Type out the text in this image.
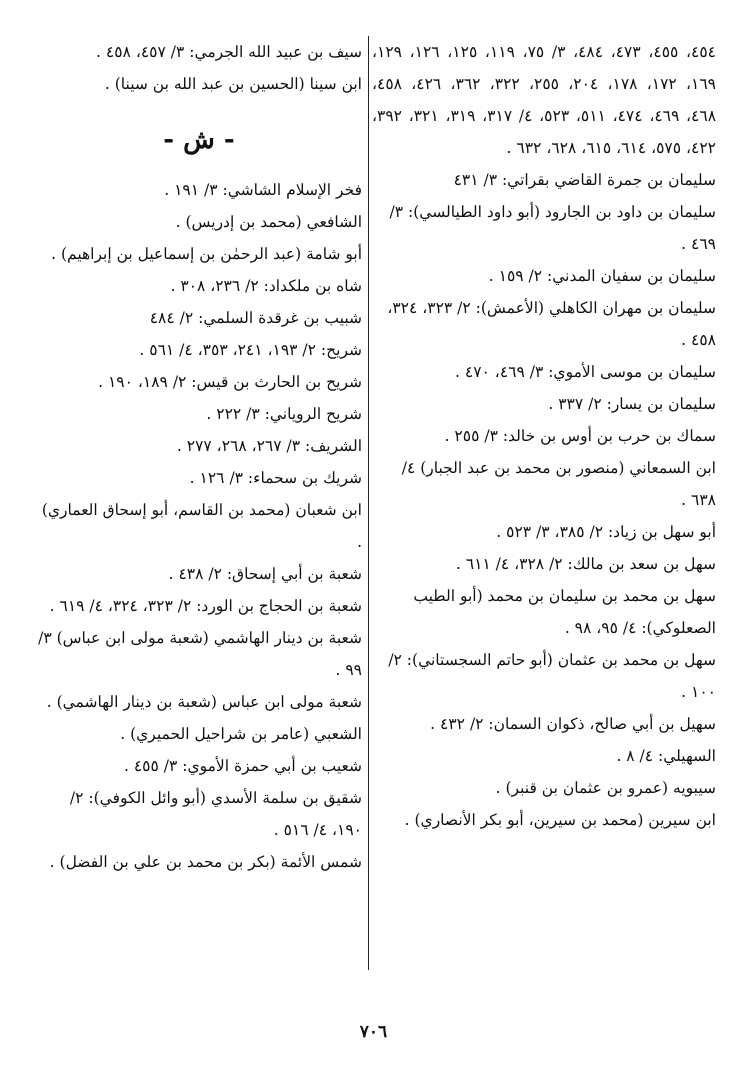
٤٥٤، ٤٥٥، ٤٧٣، ٤٨٤، ٣/ ٧٥، ١١٩، ١٢٥، ١٢٦، ١٢٩، ١٦٩، ١٧٢، ١٧٨، ٢٠٤، ٢٥٥، ٣٢٢، ٣٦٢، ٤٢٦، ٤٥٨، ٤٦٨، ٤٦٩، ٤٧٤، ٥١١، ٥٢٣، ٤/ ٣١٧، ٣١٩، ٣٢١، ٣٩٢، ٤٢٢، ٥٧٥، ٦١٤، ٦١٥، ٦٢٨، ٦٣٢ .

سليمان بن جمرة القاضي بقراتي: ٣/ ٤٣١

سليمان بن داود بن الجارود (أبو داود الطيالسي): ٣/ ٤٦٩ .

سليمان بن سفيان المدني: ٢/ ١٥٩ .

سليمان بن مهران الكاهلي (الأعمش): ٢/ ٣٢٣، ٣٢٤، ٤٥٨ .

سليمان بن موسى الأموي: ٣/ ٤٦٩، ٤٧٠ .

سليمان بن يسار: ٢/ ٣٣٧ .

سماك بن حرب بن أوس بن خالد: ٣/ ٢٥٥ .

ابن السمعاني (منصور بن محمد بن عبد الجبار) ٤/ ٦٣٨ .

أبو سهل بن زياد: ٢/ ٣٨٥، ٣/ ٥٢٣ .

سهل بن سعد بن مالك: ٢/ ٣٢٨، ٤/ ٦١١ .

سهل بن محمد بن سليمان بن محمد (أبو الطيب الصعلوكي): ٤/ ٩٥، ٩٨ .

سهل بن محمد بن عثمان (أبو حاتم السجستاني): ٢/ ١٠٠ .

سهيل بن أبي صالح، ذكوان السمان: ٢/ ٤٣٢ .

السهيلي: ٤/ ٨ .

سيبويه (عمرو بن عثمان بن قنبر) .

ابن سيرين (محمد بن سيرين، أبو بكر الأنصاري) .

سيف بن عبيد الله الجرمي: ٣/ ٤٥٧، ٤٥٨ .

ابن سينا (الحسين بن عبد الله بن سينا) .

- ش -

فخر الإسلام الشاشي: ٣/ ١٩١ .

الشافعي (محمد بن إدريس) .

أبو شامة (عبد الرحمٰن بن إسماعيل بن إبراهيم) .

شاه بن ملكداد: ٢/ ٢٣٦، ٣٠٨ .

شبيب بن غرقدة السلمي: ٢/ ٤٨٤

شريح: ٢/ ١٩٣، ٢٤١، ٣٥٣، ٤/ ٥٦١ .

شريح بن الحارث بن قيس: ٢/ ١٨٩، ١٩٠ .

شريح الروياني: ٣/ ٢٢٢ .

الشريف: ٣/ ٢٦٧، ٢٦٨، ٢٧٧ .

شريك بن سحماء: ٣/ ١٢٦ .

ابن شعبان (محمد بن القاسم، أبو إسحاق العماري) .

شعبة بن أبي إسحاق: ٢/ ٤٣٨ .

شعبة بن الحجاج بن الورد: ٢/ ٣٢٣، ٣٢٤، ٤/ ٦١٩ .

شعبة بن دينار الهاشمي (شعبة مولى ابن عباس) ٣/ ٩٩ .

شعبة مولى ابن عباس (شعبة بن دينار الهاشمي) .

الشعبي (عامر بن شراحيل الحميري) .

شعيب بن أبي حمزة الأموي: ٣/ ٤٥٥ .

شقيق بن سلمة الأسدي (أبو وائل الكوفي): ٢/ ١٩٠، ٤/ ٥١٦ .

شمس الأئمة (بكر بن محمد بن علي بن الفضل) .

٧٠٦
